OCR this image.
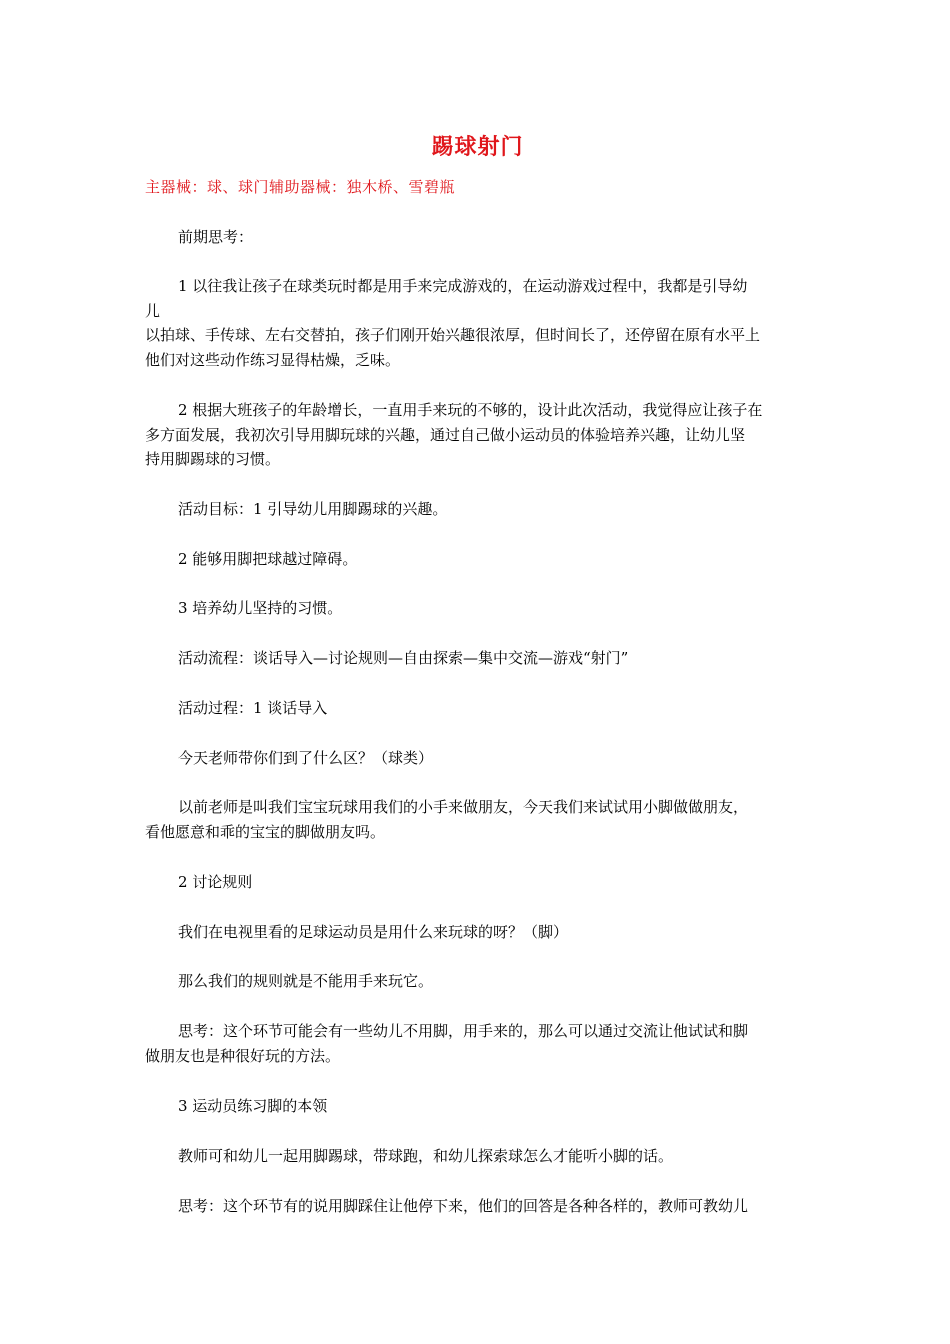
踢球射门
主器械：球、球门辅助器械：独木桥、雪碧瓶
前期思考：
1 以往我让孩子在球类玩时都是用手来完成游戏的，在运动游戏过程中，我都是引导幼
儿
以拍球、手传球、左右交替拍，孩子们刚开始兴趣很浓厚，但时间长了，还停留在原有水平上
他们对这些动作练习显得枯燥，乏味。
2 根据大班孩子的年龄增长，一直用手来玩的不够的，设计此次活动，我觉得应让孩子在
多方面发展，我初次引导用脚玩球的兴趣，通过自己做小运动员的体验培养兴趣，让幼儿坚
持用脚踢球的习惯。
活动目标：1 引导幼儿用脚踢球的兴趣。
2 能够用脚把球越过障碍。
3 培养幼儿坚持的习惯。
活动流程：谈话导入—讨论规则—自由探索—集中交流—游戏“射门”
活动过程：1 谈话导入
今天老师带你们到了什么区？（球类）
以前老师是叫我们宝宝玩球用我们的小手来做朋友，今天我们来试试用小脚做做朋友，
看他愿意和乖的宝宝的脚做朋友吗。
2 讨论规则
我们在电视里看的足球运动员是用什么来玩球的呀？（脚）
那么我们的规则就是不能用手来玩它。
思考：这个环节可能会有一些幼儿不用脚，用手来的，那么可以通过交流让他试试和脚
做朋友也是种很好玩的方法。
3 运动员练习脚的本领
教师可和幼儿一起用脚踢球，带球跑，和幼儿探索球怎么才能听小脚的话。
思考：这个环节有的说用脚踩住让他停下来，他们的回答是各种各样的，教师可教幼儿
